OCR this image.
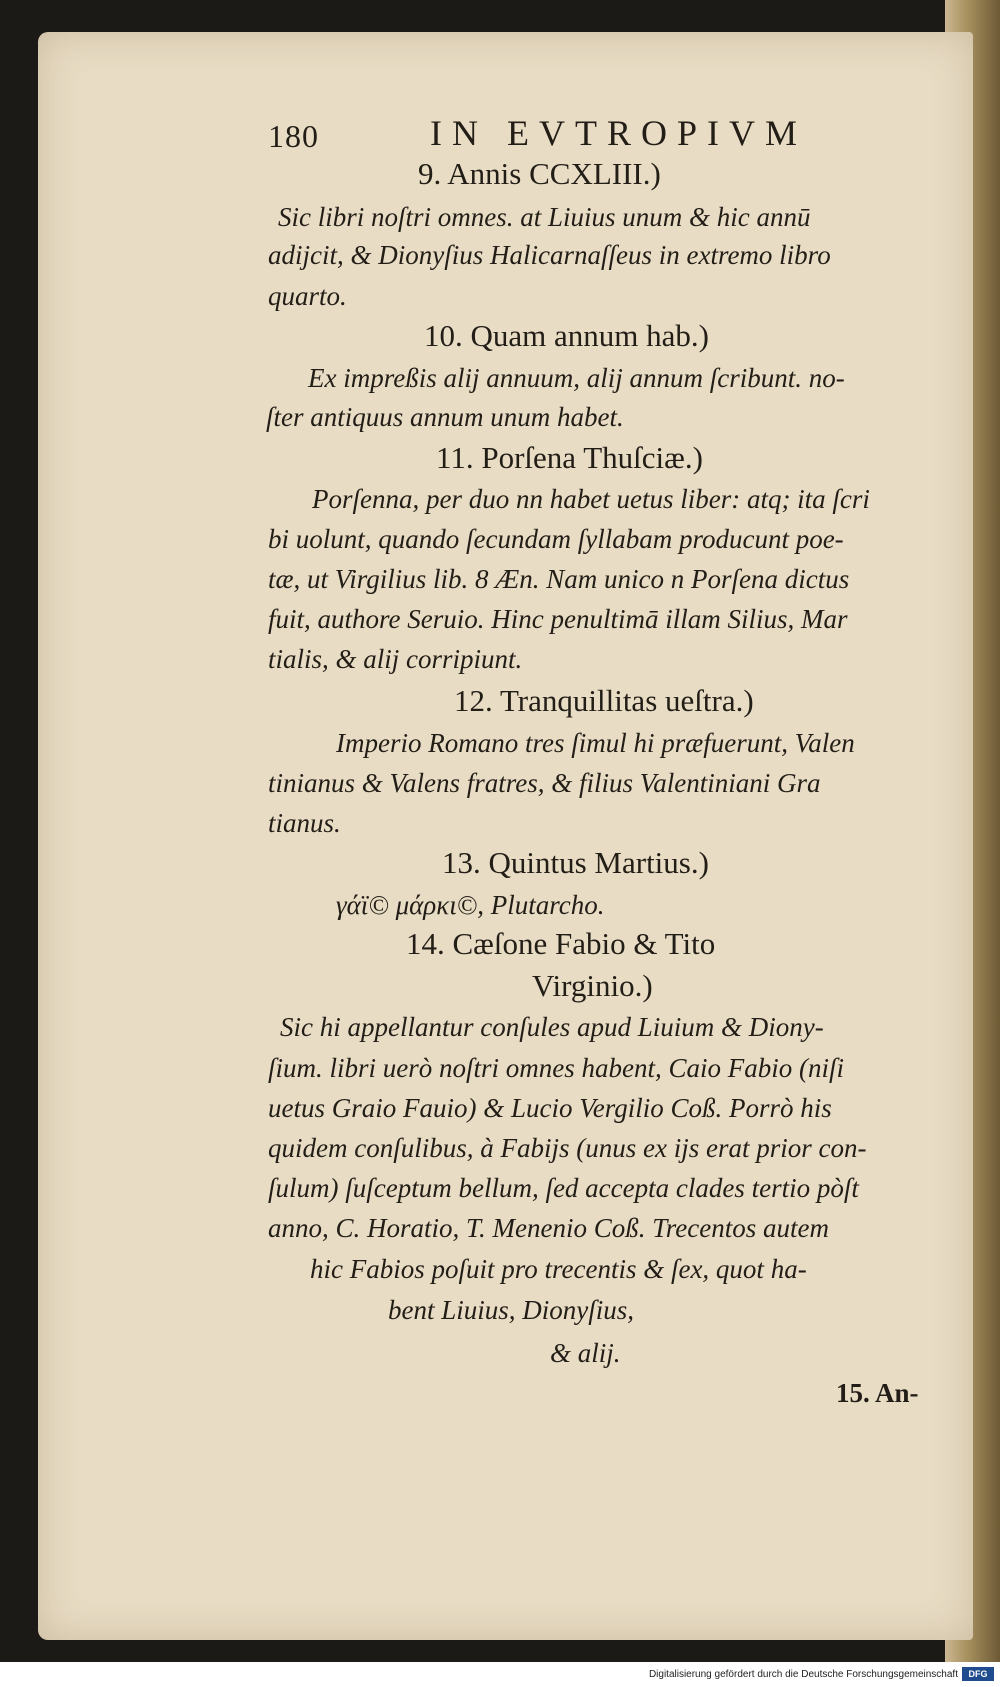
180	IN EVTROPIVM
9. Annis CCXLIII.)
Sic libri noſtri omnes. at Liuius unum & hic annū
adijcit, & Dionyſius Halicarnaſſeus in extremo libro
quarto.
10. Quam annum hab.)
Ex impreßis alij annuum, alij annum ſcribunt. no-
ſter antiquus annum unum habet.
11. Porſena Thuſciæ.)
Porſenna, per duo nn habet uetus liber: atq; ita ſcri
bi uolunt, quando ſecundam ſyllabam producunt poe-
tæ, ut Virgilius lib. 8 Æn. Nam unico n Porſena dictus
fuit, authore Seruio. Hinc penultimā illam Silius, Mar
tialis, & alij corripiunt.
12. Tranquillitas ueſtra.)
Imperio Romano tres ſimul hi præfuerunt, Valen
tinianus & Valens fratres, & filius Valentiniani Gra
tianus.
13. Quintus Martius.)
γάϊ© μάρκι©, Plutarcho.
14. Cæſone Fabio & Tito
Virginio.)
Sic hi appellantur conſules apud Liuium & Diony-
ſium. libri uerò noſtri omnes habent, Caio Fabio (niſi
uetus Graio Fauio) & Lucio Vergilio Coß. Porrò his
quidem conſulibus, à Fabijs (unus ex ijs erat prior con-
ſulum) ſuſceptum bellum, ſed accepta clades tertio pòſt
anno, C. Horatio, T. Menenio Coß. Trecentos autem
hic Fabios poſuit pro trecentis & ſex, quot ha-
bent Liuius, Dionyſius,
& alij.
15. An-
Digitalisierung gefördert durch die Deutsche Forschungsgemeinschaft	DFG
